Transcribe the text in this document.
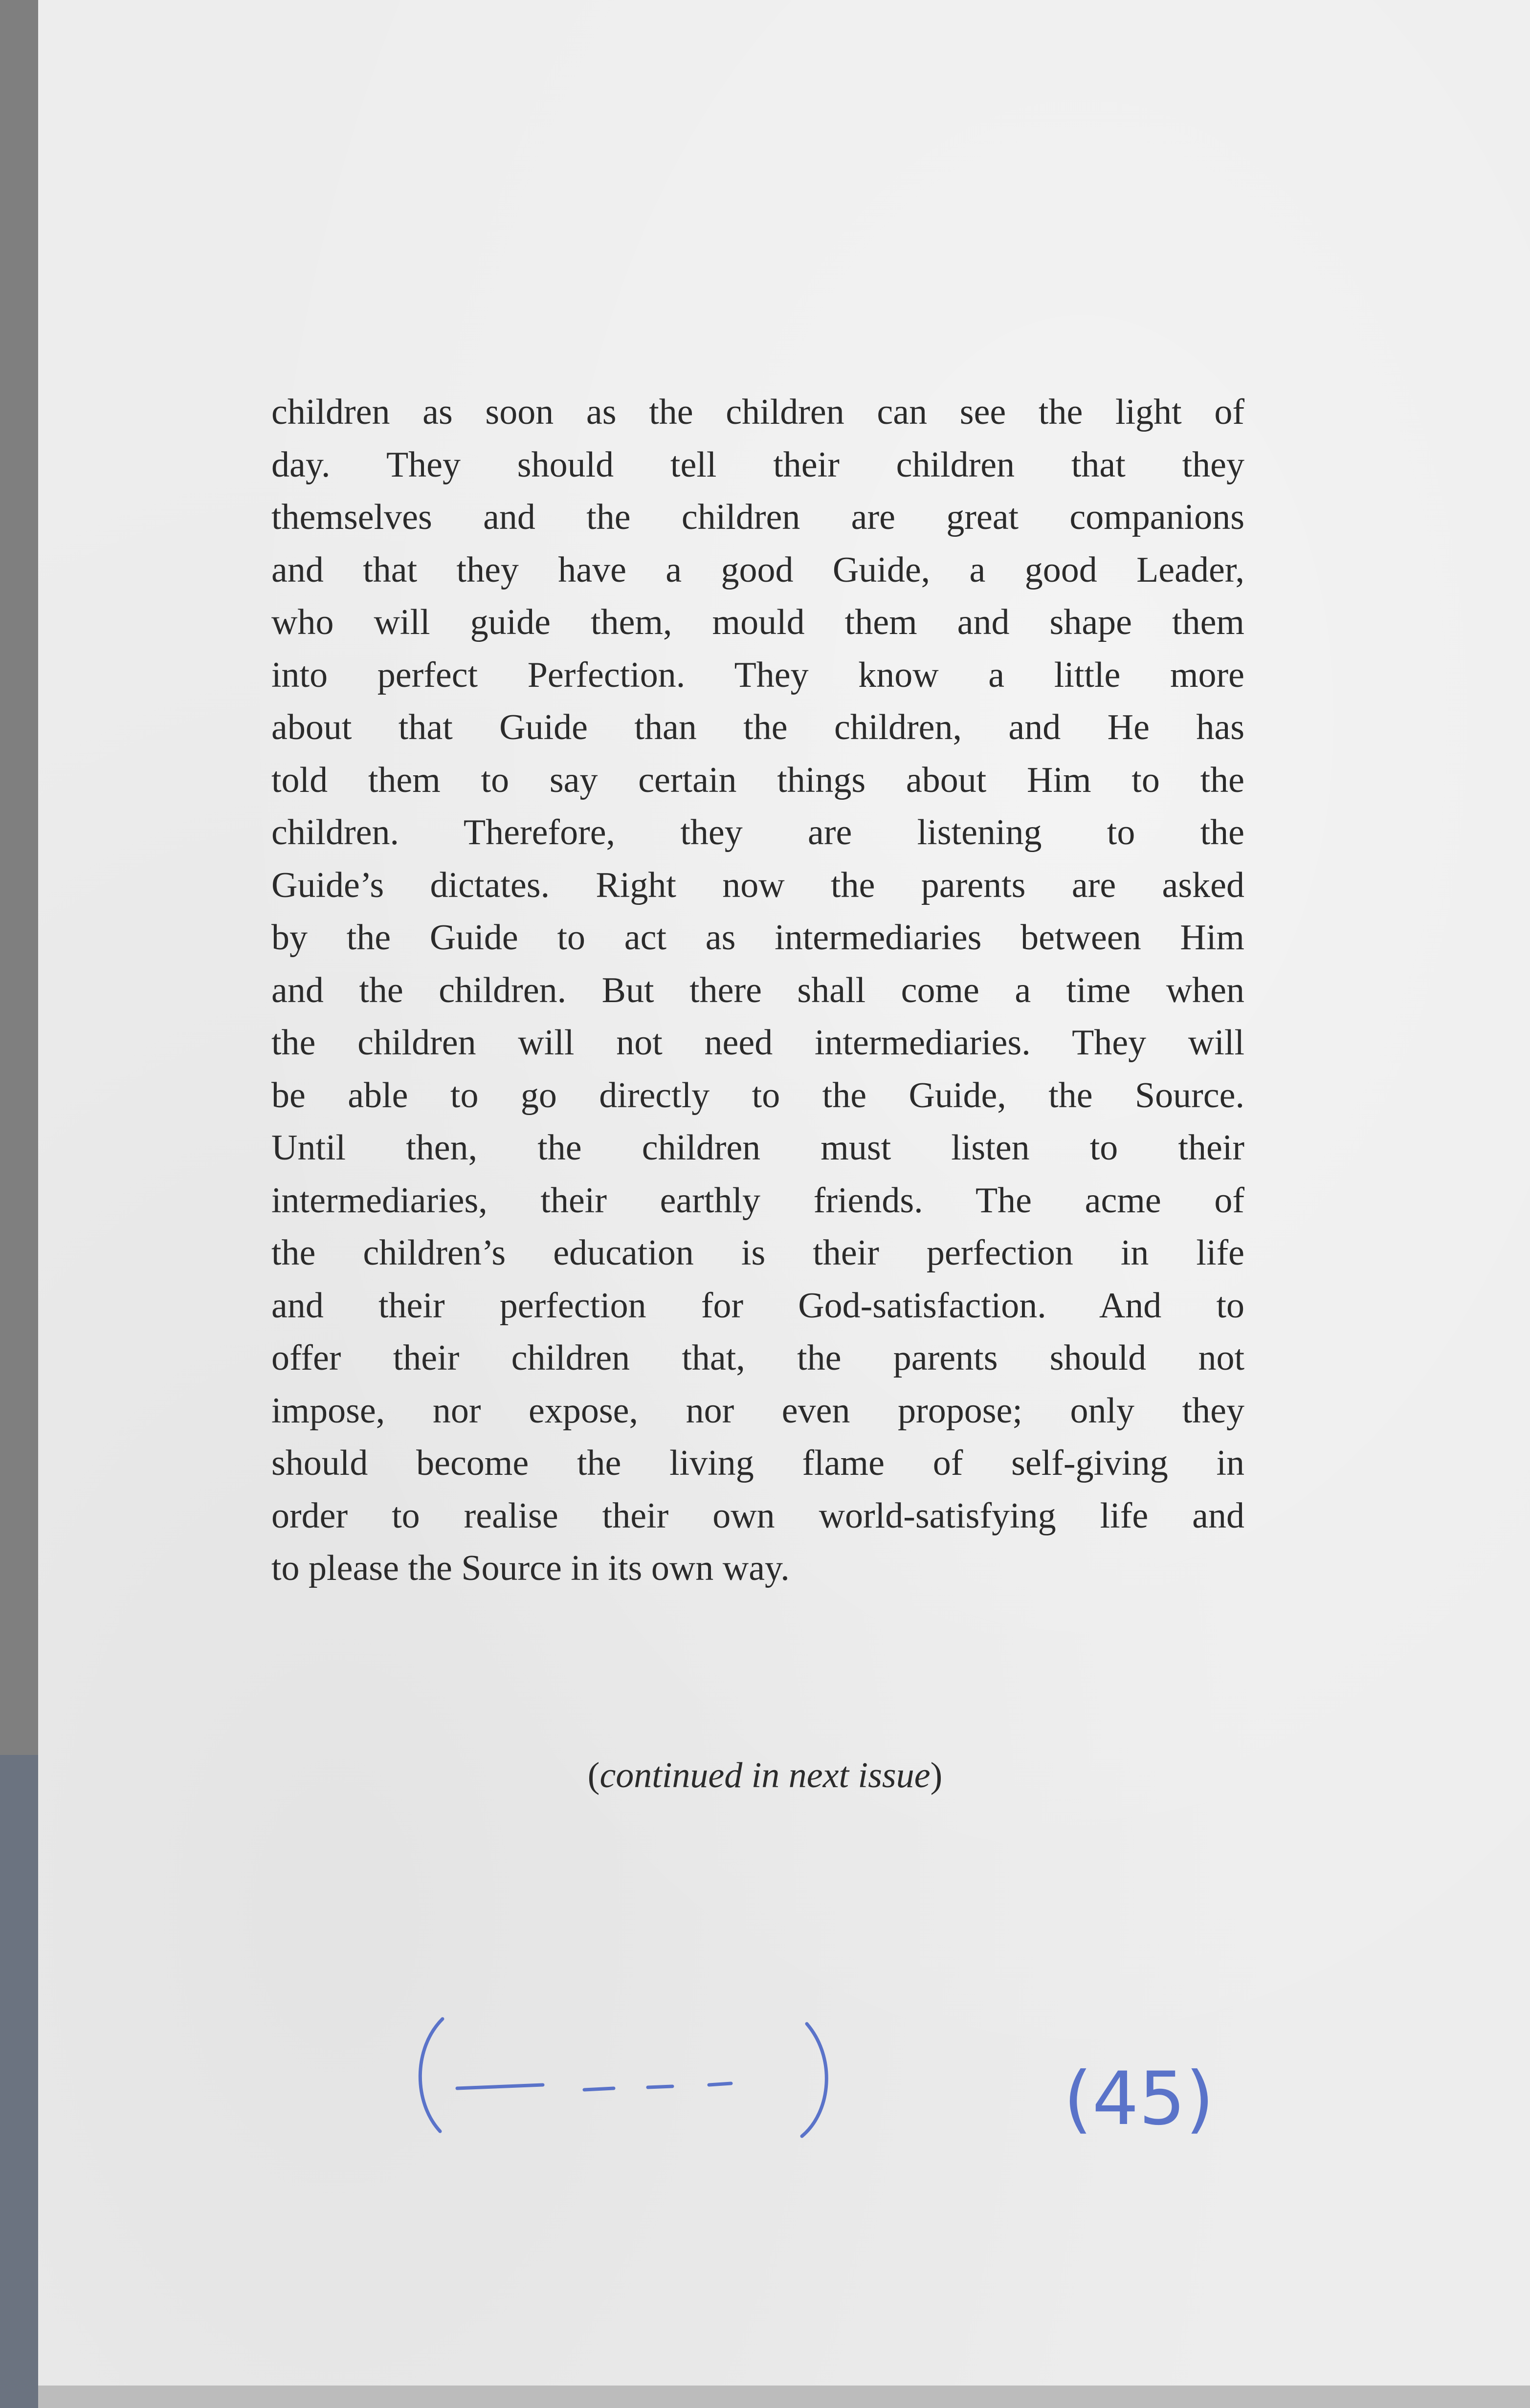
children as soon as the children can see the light of
day. They should tell their children that they
themselves and the children are great companions
and that they have a good Guide, a good Leader,
who will guide them, mould them and shape them
into perfect Perfection. They know a little more
about that Guide than the children, and He has
told them to say certain things about Him to the
children. Therefore, they are listening to the
Guide’s dictates. Right now the parents are asked
by the Guide to act as intermediaries between Him
and the children. But there shall come a time when
the children will not need intermediaries. They will
be able to go directly to the Guide, the Source.
Until then, the children must listen to their
intermediaries, their earthly friends. The acme of
the children’s education is their perfection in life
and their perfection for God-satisfaction. And to
offer their children that, the parents should not
impose, nor expose, nor even propose; only they
should become the living flame of self-giving in
order to realise their own world-satisfying life and
to please the Source in its own way.

(continued in next issue)

(45)
